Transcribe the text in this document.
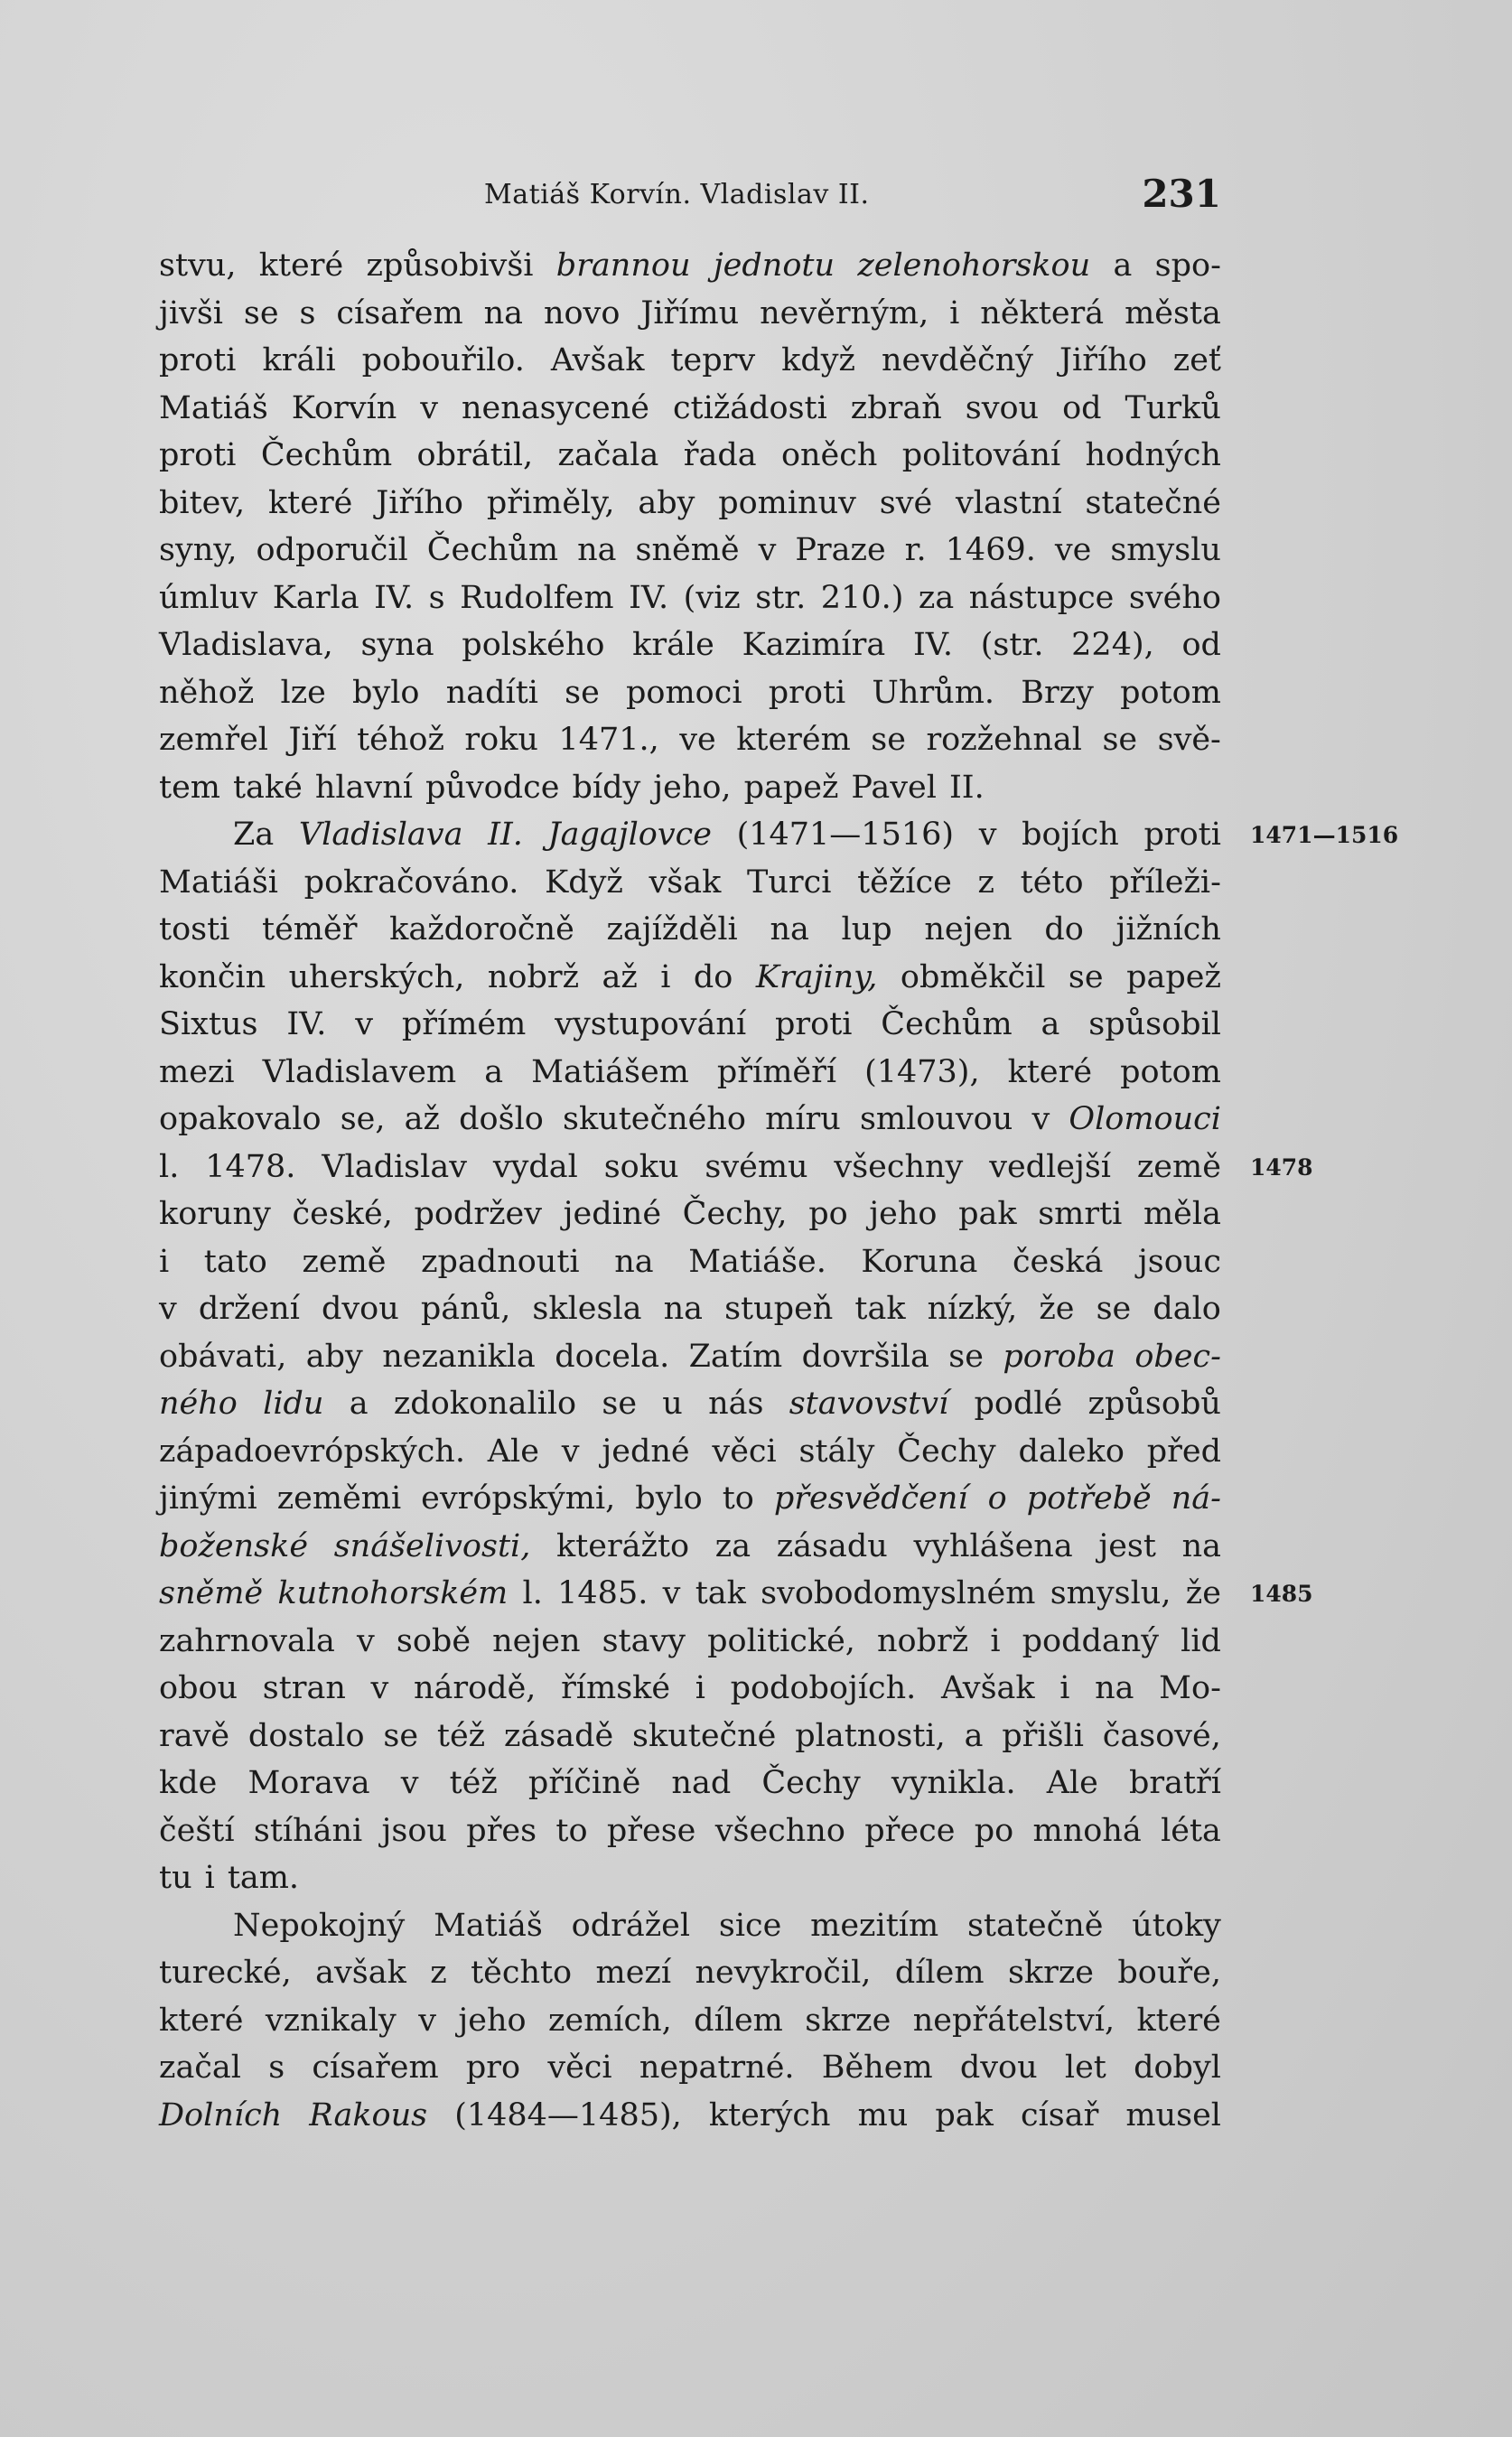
Matiáš Korvín. Vladislav II.	231
stvu, které způsobivši brannou jednotu zelenohorskou a spo-
jivši se s císařem na novo Jiřímu nevěrným, i některá města
proti králi pobouřilo. Avšak teprv když nevděčný Jiřího zeť
Matiáš Korvín v nenasycené ctižádosti zbraň svou od Turků
proti Čechům obrátil, začala řada oněch politování hodných
bitev, které Jiřího přiměly, aby pominuv své vlastní statečné
syny, odporučil Čechům na sněmě v Praze r. 1469. ve smyslu
úmluv Karla IV. s Rudolfem IV. (viz str. 210.) za nástupce svého
Vladislava, syna polského krále Kazimíra IV. (str. 224), od
něhož lze bylo nadíti se pomoci proti Uhrům. Brzy potom
zemřel Jiří téhož roku 1471., ve kterém se rozžehnal se svě-
tem také hlavní původce bídy jeho, papež Pavel II.
Za Vladislava II. Jagajlovce (1471—1516) v bojích proti
Matiáši pokračováno. Když však Turci těžíce z této příleži-
tosti téměř každoročně zajížděli na lup nejen do jižních
končin uherských, nobrž až i do Krajiny, obměkčil se papež
Sixtus IV. v přímém vystupování proti Čechům a spůsobil
mezi Vladislavem a Matiášem příměří (1473), které potom
opakovalo se, až došlo skutečného míru smlouvou v Olomouci
l. 1478. Vladislav vydal soku svému všechny vedlejší země
koruny české, podržev jediné Čechy, po jeho pak smrti měla
i tato země zpadnouti na Matiáše. Koruna česká jsouc
v držení dvou pánů, sklesla na stupeň tak nízký, že se dalo
obávati, aby nezanikla docela. Zatím dovršila se poroba obec-
ného lidu a zdokonalilo se u nás stavovství podlé způsobů
západoevrópských. Ale v jedné věci stály Čechy daleko před
jinými zeměmi evrópskými, bylo to přesvědčení o potřebě ná-
boženské snášelivosti, kterážto za zásadu vyhlášena jest na
sněmě kutnohorském l. 1485. v tak svobodomyslném smyslu, že
zahrnovala v sobě nejen stavy politické, nobrž i poddaný lid
obou stran v národě, římské i podobojích. Avšak i na Mo-
ravě dostalo se též zásadě skutečné platnosti, a přišli časové,
kde Morava v též příčině nad Čechy vynikla. Ale bratří
čeští stíháni jsou přes to přese všechno přece po mnohá léta
tu i tam.
Nepokojný Matiáš odrážel sice mezitím statečně útoky
turecké, avšak z těchto mezí nevykročil, dílem skrze bouře,
které vznikaly v jeho zemích, dílem skrze nepřátelství, které
začal s císařem pro věci nepatrné. Během dvou let dobyl
Dolních Rakous (1484—1485), kterých mu pak císař musel
1471—1516
1478
1485
